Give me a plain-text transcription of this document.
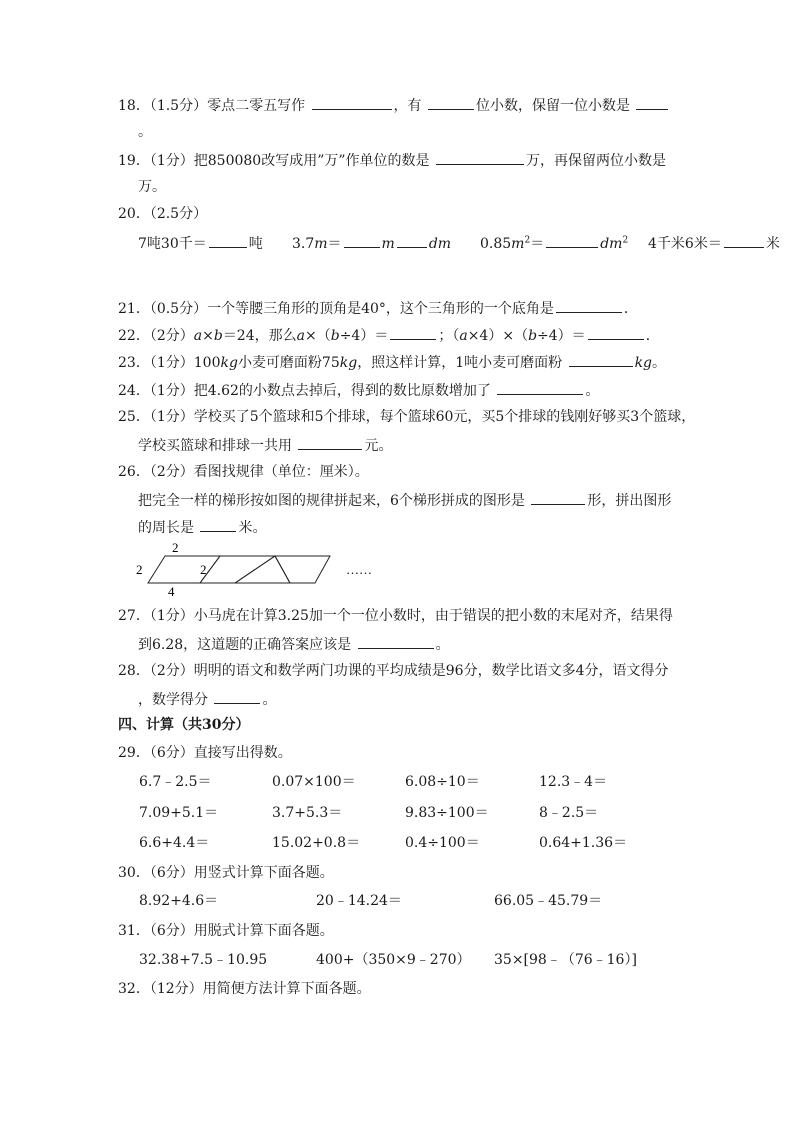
18．（1.5分）零点二零五写作	，有	位小数，保留一位小数是
。
19．（1分）把850080改写成用”万”作单位的数是	万，再保留两位小数是
万。
20．（2.5分）
7吨30千＝	吨 3.7m＝	m dm $0.85m^2=$	$dm^2$ 4千米6米＝	米
21．（0.5分）一个等腰三角形的顶角是40°，这个三角形的一个底角是	．
22．（2分）a×b＝24，那么a×（b÷4）＝	；（a×4）×（b÷4）＝	．
23．（1分）100kg小麦可磨面粉75kg，照这样计算，1吨小麦可磨面粉	kg。
24．（1分）把4.62的小数点去掉后，得到的数比原数增加了	。
25．（1分）学校买了5个篮球和5个排球，每个篮球60元，买5个排球的钱刚好够买3个篮球，
学校买篮球和排球一共用	元。
26．（2分）看图找规律（单位：厘米）。
把完全一样的梯形按如图的规律拼起来，6个梯形拼成的图形是	形，拼出图形
的周长是	米。
2
2	2
4
……
27．（1分）小马虎在计算3.25加一个一位小数时，由于错误的把小数的末尾对齐，结果得
到6.28，这道题的正确答案应该是	。
28．（2分）明明的语文和数学两门功课的平均成绩是96分，数学比语文多4分，语文得分
，数学得分	。
四、计算（共30分）
29．（6分）直接写出得数。
6.7﹣2.5＝	0.07×100＝	6.08÷10＝	12.3﹣4＝
7.09+5.1＝	3.7+5.3＝	9.83÷100＝	8﹣2.5＝
6.6+4.4＝	15.02+0.8＝	0.4÷100＝	0.64+1.36＝
30．（6分）用竖式计算下面各题。
8.92+4.6＝	20﹣14.24＝	66.05﹣45.79＝
31．（6分）用脱式计算下面各题。
32.38+7.5﹣10.95	400+（350×9﹣270） 35×[98﹣（76﹣16）]
32．（12分）用简便方法计算下面各题。
